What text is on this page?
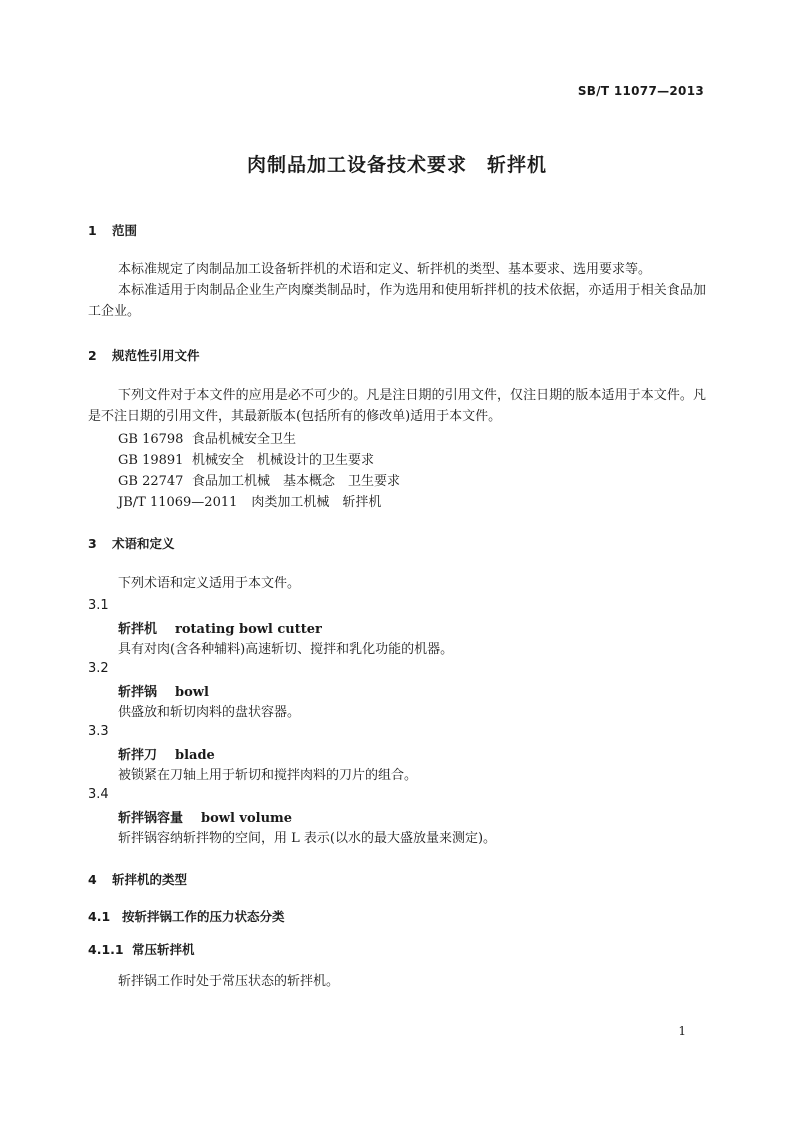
SB/T 11077—2013
肉制品加工设备技术要求　斩拌机
1 范围
本标准规定了肉制品加工设备斩拌机的术语和定义、斩拌机的类型、基本要求、选用要求等。
本标准适用于肉制品企业生产肉糜类制品时，作为选用和使用斩拌机的技术依据，亦适用于相关食品加工企业。
2 规范性引用文件
下列文件对于本文件的应用是必不可少的。凡是注日期的引用文件，仅注日期的版本适用于本文件。凡是不注日期的引用文件，其最新版本(包括所有的修改单)适用于本文件。
GB 16798 食品机械安全卫生
GB 19891 机械安全　机械设计的卫生要求
GB 22747 食品加工机械　基本概念　卫生要求
JB/T 11069—2011 肉类加工机械　斩拌机
3 术语和定义
下列术语和定义适用于本文件。
3.1
斩拌机 rotating bowl cutter
具有对肉(含各种辅料)高速斩切、搅拌和乳化功能的机器。
3.2
斩拌锅 bowl
供盛放和斩切肉料的盘状容器。
3.3
斩拌刀 blade
被锁紧在刀轴上用于斩切和搅拌肉料的刀片的组合。
3.4
斩拌锅容量 bowl volume
斩拌锅容纳斩拌物的空间，用 L 表示(以水的最大盛放量来测定)。
4 斩拌机的类型
4.1 按斩拌锅工作的压力状态分类
4.1.1 常压斩拌机
斩拌锅工作时处于常压状态的斩拌机。
1
